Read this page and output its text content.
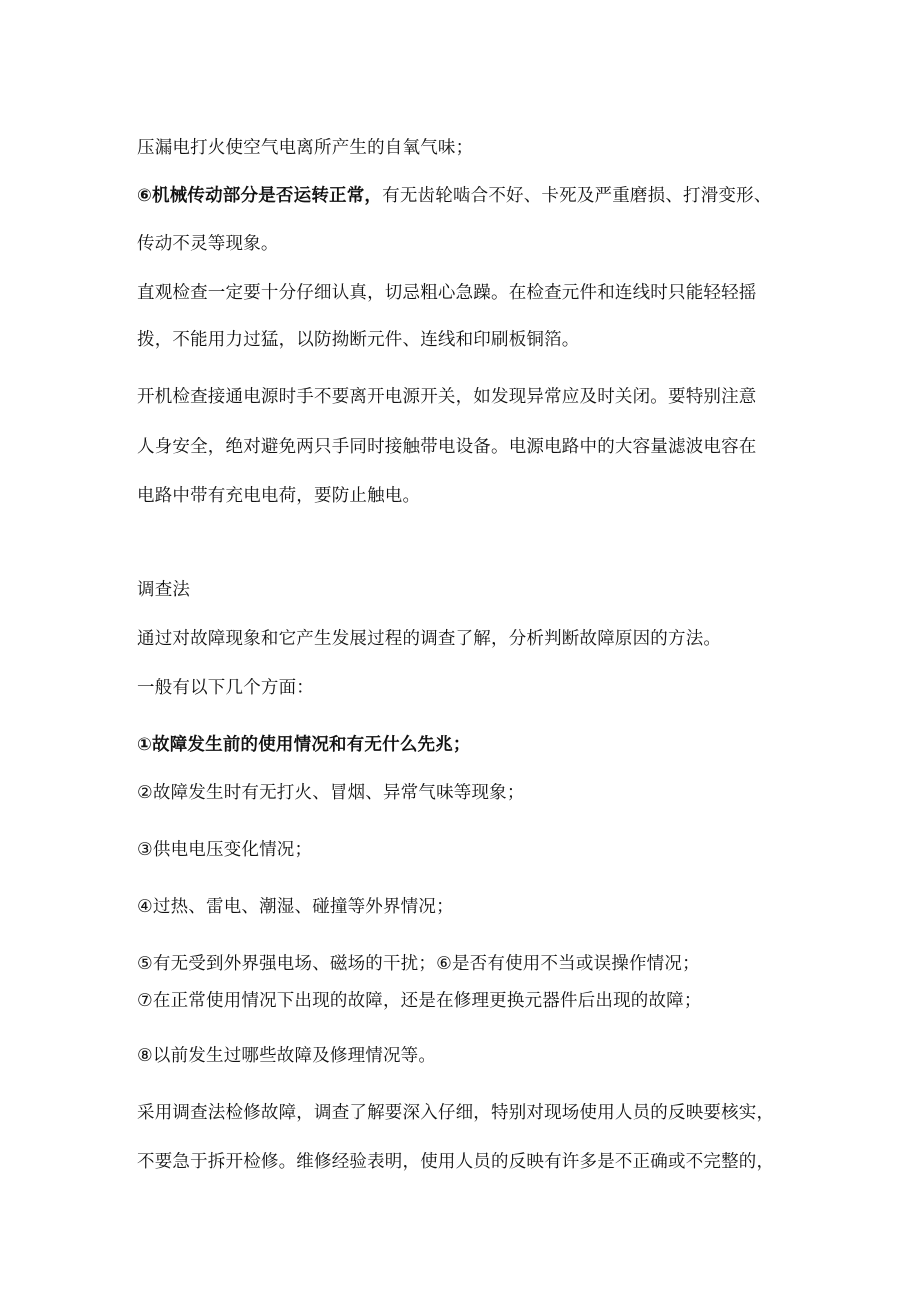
压漏电打火使空气电离所产生的自氧气味；
⑥机械传动部分是否运转正常，有无齿轮啮合不好、卡死及严重磨损、打滑变形、
传动不灵等现象。
直观检查一定要十分仔细认真，切忌粗心急躁。在检查元件和连线时只能轻轻摇
拨，不能用力过猛，以防拗断元件、连线和印刷板铜箔。
开机检查接通电源时手不要离开电源开关，如发现异常应及时关闭。要特别注意
人身安全，绝对避免两只手同时接触带电设备。电源电路中的大容量滤波电容在
电路中带有充电电荷，要防止触电。
调查法
通过对故障现象和它产生发展过程的调查了解，分析判断故障原因的方法。
一般有以下几个方面：
①故障发生前的使用情况和有无什么先兆；
②故障发生时有无打火、冒烟、异常气味等现象；
③供电电压变化情况；
④过热、雷电、潮湿、碰撞等外界情况；
⑤有无受到外界强电场、磁场的干扰；⑥是否有使用不当或误操作情况；
⑦在正常使用情况下出现的故障，还是在修理更换元器件后出现的故障；
⑧以前发生过哪些故障及修理情况等。
采用调查法检修故障，调查了解要深入仔细，特别对现场使用人员的反映要核实，
不要急于拆开检修。维修经验表明，使用人员的反映有许多是不正确或不完整的，
